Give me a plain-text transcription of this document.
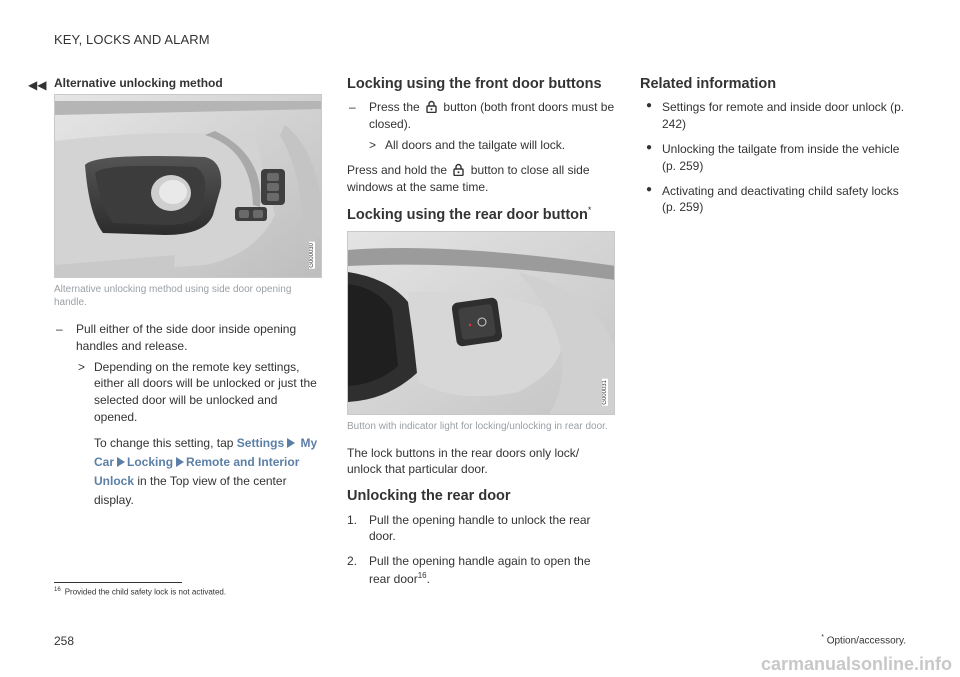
KEY, LOCKS AND ALARM
◀◀ Alternative unlocking method
G000030
Alternative unlocking method using side door opening handle.
– Pull either of the side door inside opening handles and release.
> Depending on the remote key settings, either all doors will be unlocked or just the selected door will be unlocked and opened.

To change this setting, tap Settings My Car Locking Remote and Interior Unlock in the Top view of the center display.

Locking using the front door buttons
– Press the button (both front doors must be closed).
> All doors and the tailgate will lock.

Press and hold the button to close all side windows at the same time.

Locking using the rear door button*
G000031
Button with indicator light for locking/unlocking in rear door.

The lock buttons in the rear doors only lock/ unlock that particular door.

Unlocking the rear door
1. Pull the opening handle to unlock the rear door.
2. Pull the opening handle again to open the rear door$^{16}$.
Related information
● Settings for remote and inside door unlock (p. 242)
● Unlocking the tailgate from inside the vehicle (p. 259)
● Activating and deactivating child safety locks (p. 259)
$^{16}$ Provided the child safety lock is not activated.
258	* Option/accessory.
carmanualsonline.info
